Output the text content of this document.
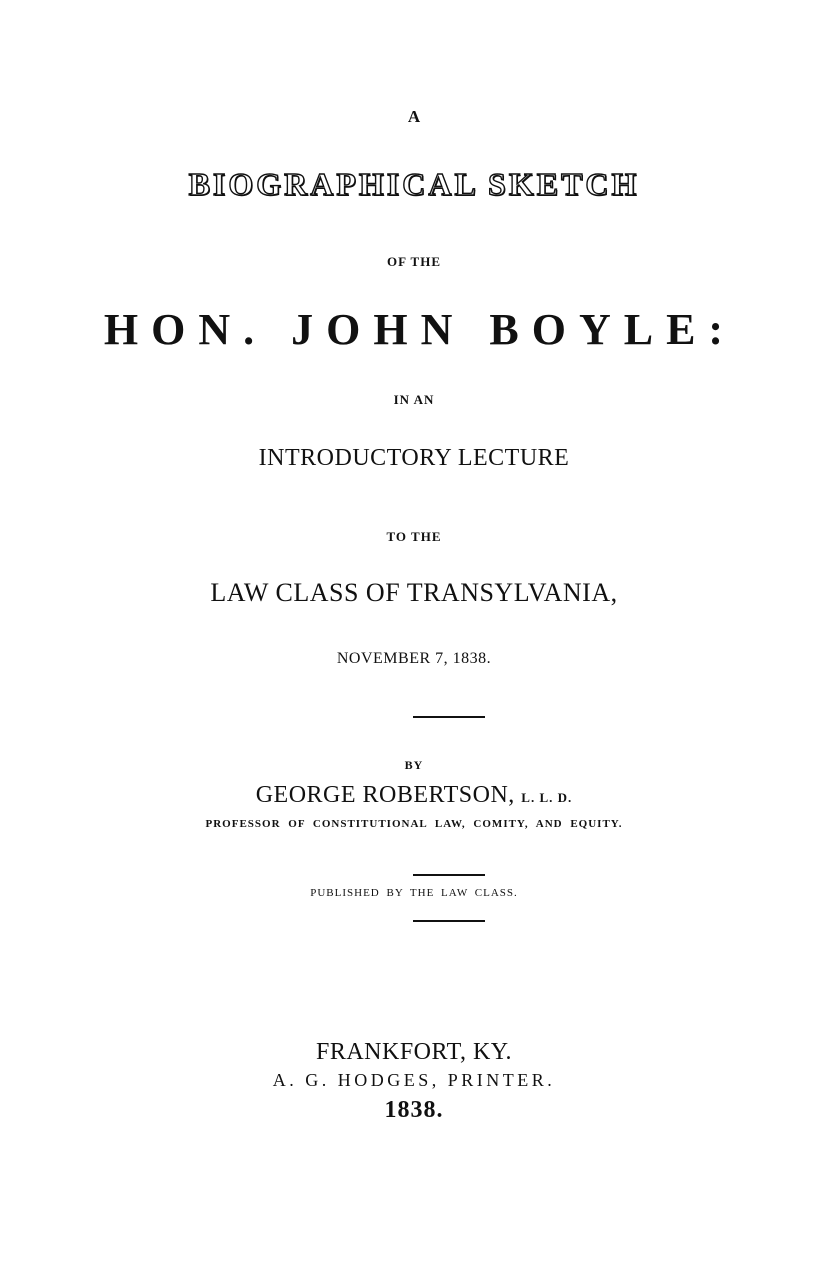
A
BIOGRAPHICAL SKETCH
OF THE
HON. JOHN BOYLE:
IN AN
INTRODUCTORY LECTURE
TO THE
LAW CLASS OF TRANSYLVANIA,
NOVEMBER 7, 1838.
BY
GEORGE ROBERTSON, L. L. D.
PROFESSOR OF CONSTITUTIONAL LAW, COMITY, AND EQUITY.
PUBLISHED BY THE LAW CLASS.
FRANKFORT, KY.
A. G. HODGES, PRINTER.
1838.
